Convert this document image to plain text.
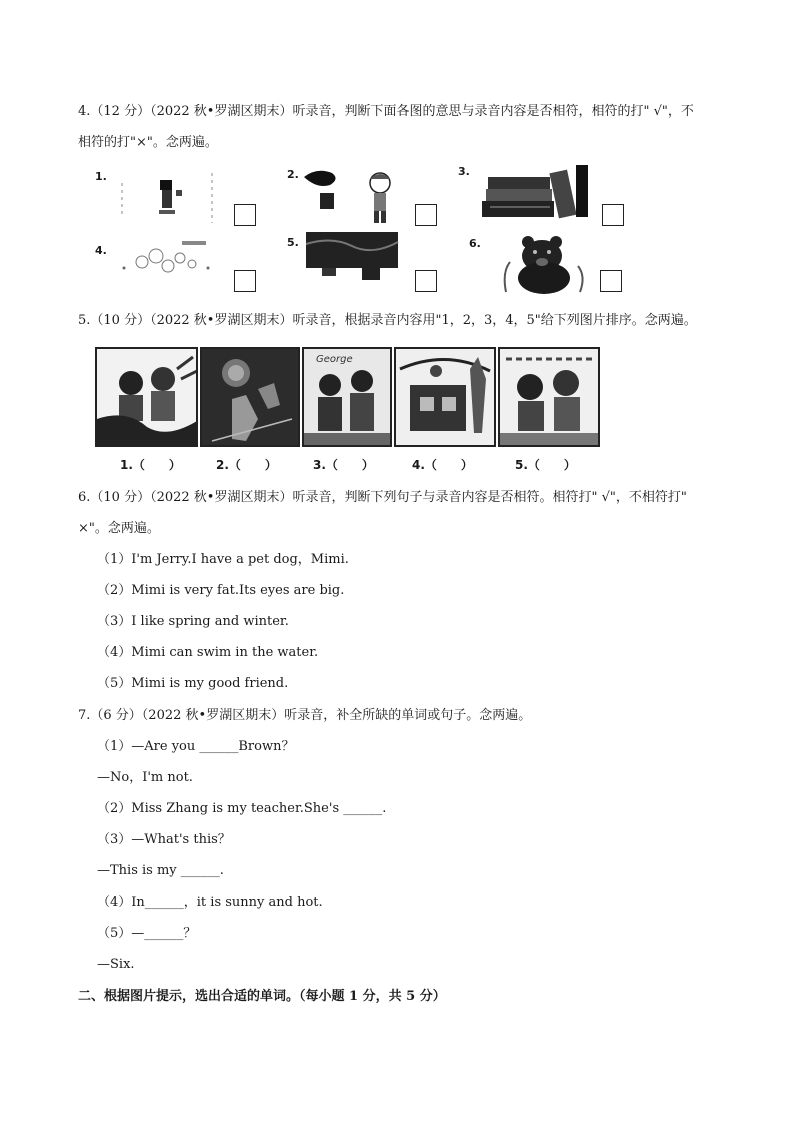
4.（12 分）（2022 秋•罗湖区期末）听录音，判断下面各图的意思与录音内容是否相符，相符的打" √"，不
相符的打"×"。念两遍。
1.	2.	3.
4.
5.	6.
5.（10 分）（2022 秋•罗湖区期末）听录音，根据录音内容用"1，2，3，4，5"给下列图片排序。念两遍。
George
1.（　　）	2.（　　）	3.（　　）	4.（　　）	5.（　　）
6.（10 分）（2022 秋•罗湖区期末）听录音，判断下列句子与录音内容是否相符。相符打" √"，不相符打"
×"。念两遍。
（1）I'm Jerry.I have a pet dog，Mimi.
（2）Mimi is very fat.Its eyes are big.
（3）I like spring and winter.
（4）Mimi can swim in the water.
（5）Mimi is my good friend.
7.（6 分）（2022 秋•罗湖区期末）听录音，补全所缺的单词或句子。念两遍。
（1）—Are you ______Brown？
—No，I'm not.
（2）Miss Zhang is my teacher.She's ______.
（3）—What's this？
—This is my ______.
（4）In______，it is sunny and hot.
（5）—______？
—Six.
二、根据图片提示，选出合适的单词。（每小题 1 分，共 5 分）
